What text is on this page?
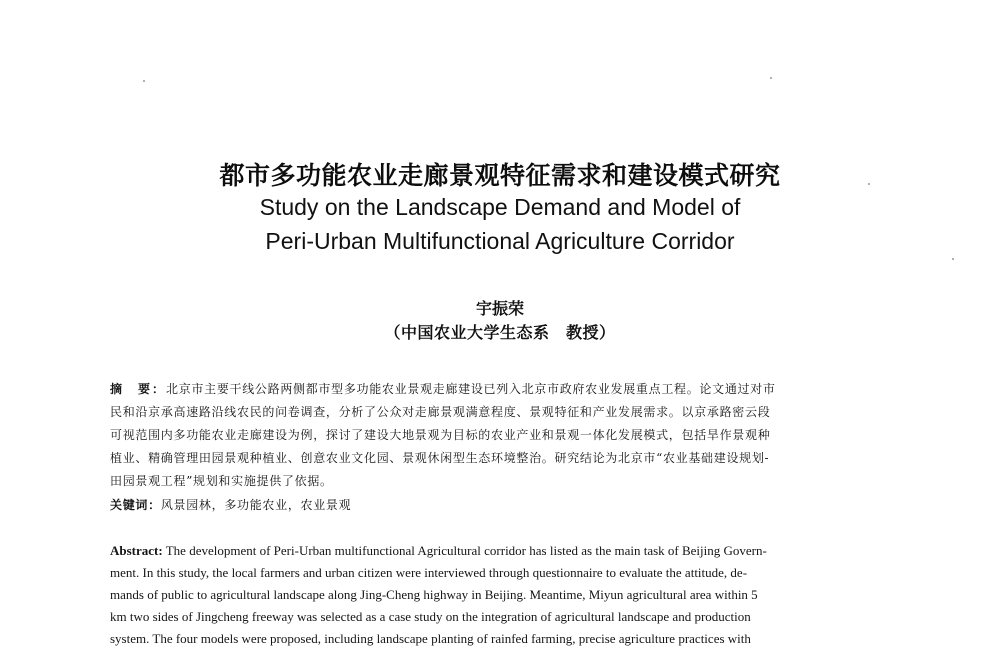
都市多功能农业走廊景观特征需求和建设模式研究
Study on the Landscape Demand and Model of
Peri-Urban Multifunctional Agriculture Corridor
宇振荣
（中国农业大学生态系　教授）
摘　要：北京市主要干线公路两侧都市型多功能农业景观走廊建设已列入北京市政府农业发展重点工程。论文通过对市
民和沿京承高速路沿线农民的问卷调查，分析了公众对走廊景观满意程度、景观特征和产业发展需求。以京承路密云段
可视范围内多功能农业走廊建设为例，探讨了建设大地景观为目标的农业产业和景观一体化发展模式，包括旱作景观种
植业、精确管理田园景观种植业、创意农业文化园、景观休闲型生态环境整治。研究结论为北京市“农业基础建设规划-
田园景观工程”规划和实施提供了依据。
关键词：风景园林，多功能农业，农业景观
Abstract: The development of Peri-Urban multifunctional Agricultural corridor has listed as the main task of Beijing Govern-
ment. In this study, the local farmers and urban citizen were interviewed through questionnaire to evaluate the attitude, de-
mands of public to agricultural landscape along Jing-Cheng highway in Beijing. Meantime, Miyun agricultural area within 5
km two sides of Jingcheng freeway was selected as a case study on the integration of agricultural landscape and production
system. The four models were proposed, including landscape planting of rainfed farming, precise agriculture practices with
